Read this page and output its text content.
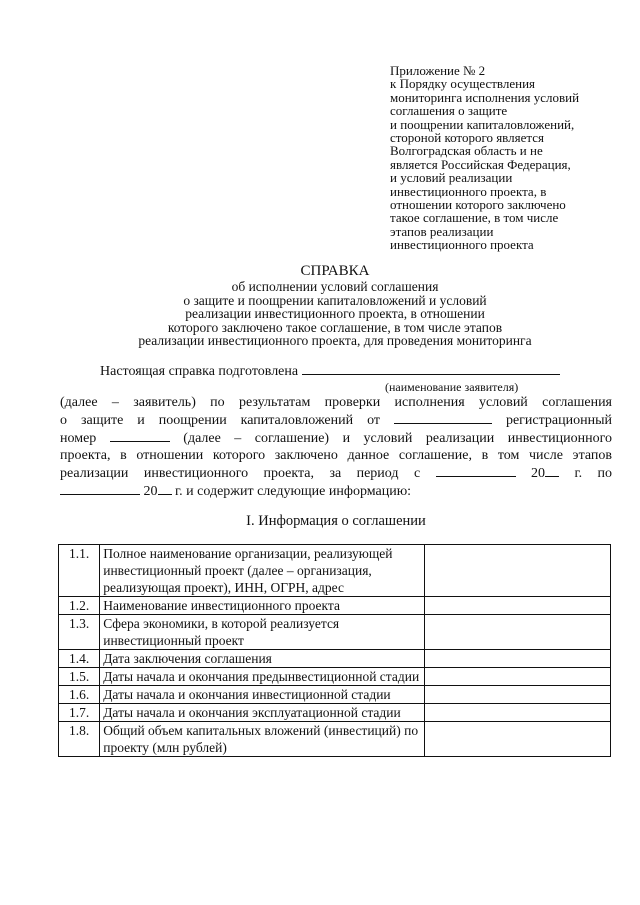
Приложение № 2
к Порядку осуществления
мониторинга исполнения условий
соглашения о защите
и поощрении капиталовложений,
стороной которого является
Волгоградская область и не
является Российская Федерация,
и условий реализации
инвестиционного проекта, в
отношении которого заключено
такое соглашение, в том числе
этапов реализации
инвестиционного проекта
СПРАВКА
об исполнении условий соглашения
о защите и поощрении капиталовложений и условий
реализации инвестиционного проекта, в отношении
которого заключено такое соглашение, в том числе этапов
реализации инвестиционного проекта, для проведения мониторинга
Настоящая справка подготовлена
(наименование заявителя)
(далее – заявитель) по результатам проверки исполнения условий соглашения
о защите и поощрении капиталовложений от	регистрационный
номер	(далее – соглашение) и условий реализации инвестиционного
проекта, в отношении которого заключено данное соглашение, в том числе этапов
реализации инвестиционного проекта, за период с	20 г. по
20 г. и содержит следующие информацию:
I. Информация о соглашении
1.1.	Полное наименование организации, реализующей инвестиционный проект (далее – организация, реализующая проект), ИНН, ОГРН, адрес	
1.2.	Наименование инвестиционного проекта	
1.3.	Сфера экономики, в которой реализуется инвестиционный проект	
1.4.	Дата заключения соглашения	
1.5.	Даты начала и окончания предынвестиционной стадии	
1.6.	Даты начала и окончания инвестиционной стадии	
1.7.	Даты начала и окончания эксплуатационной стадии	
1.8.	Общий объем капитальных вложений (инвестиций) по проекту (млн рублей)	
